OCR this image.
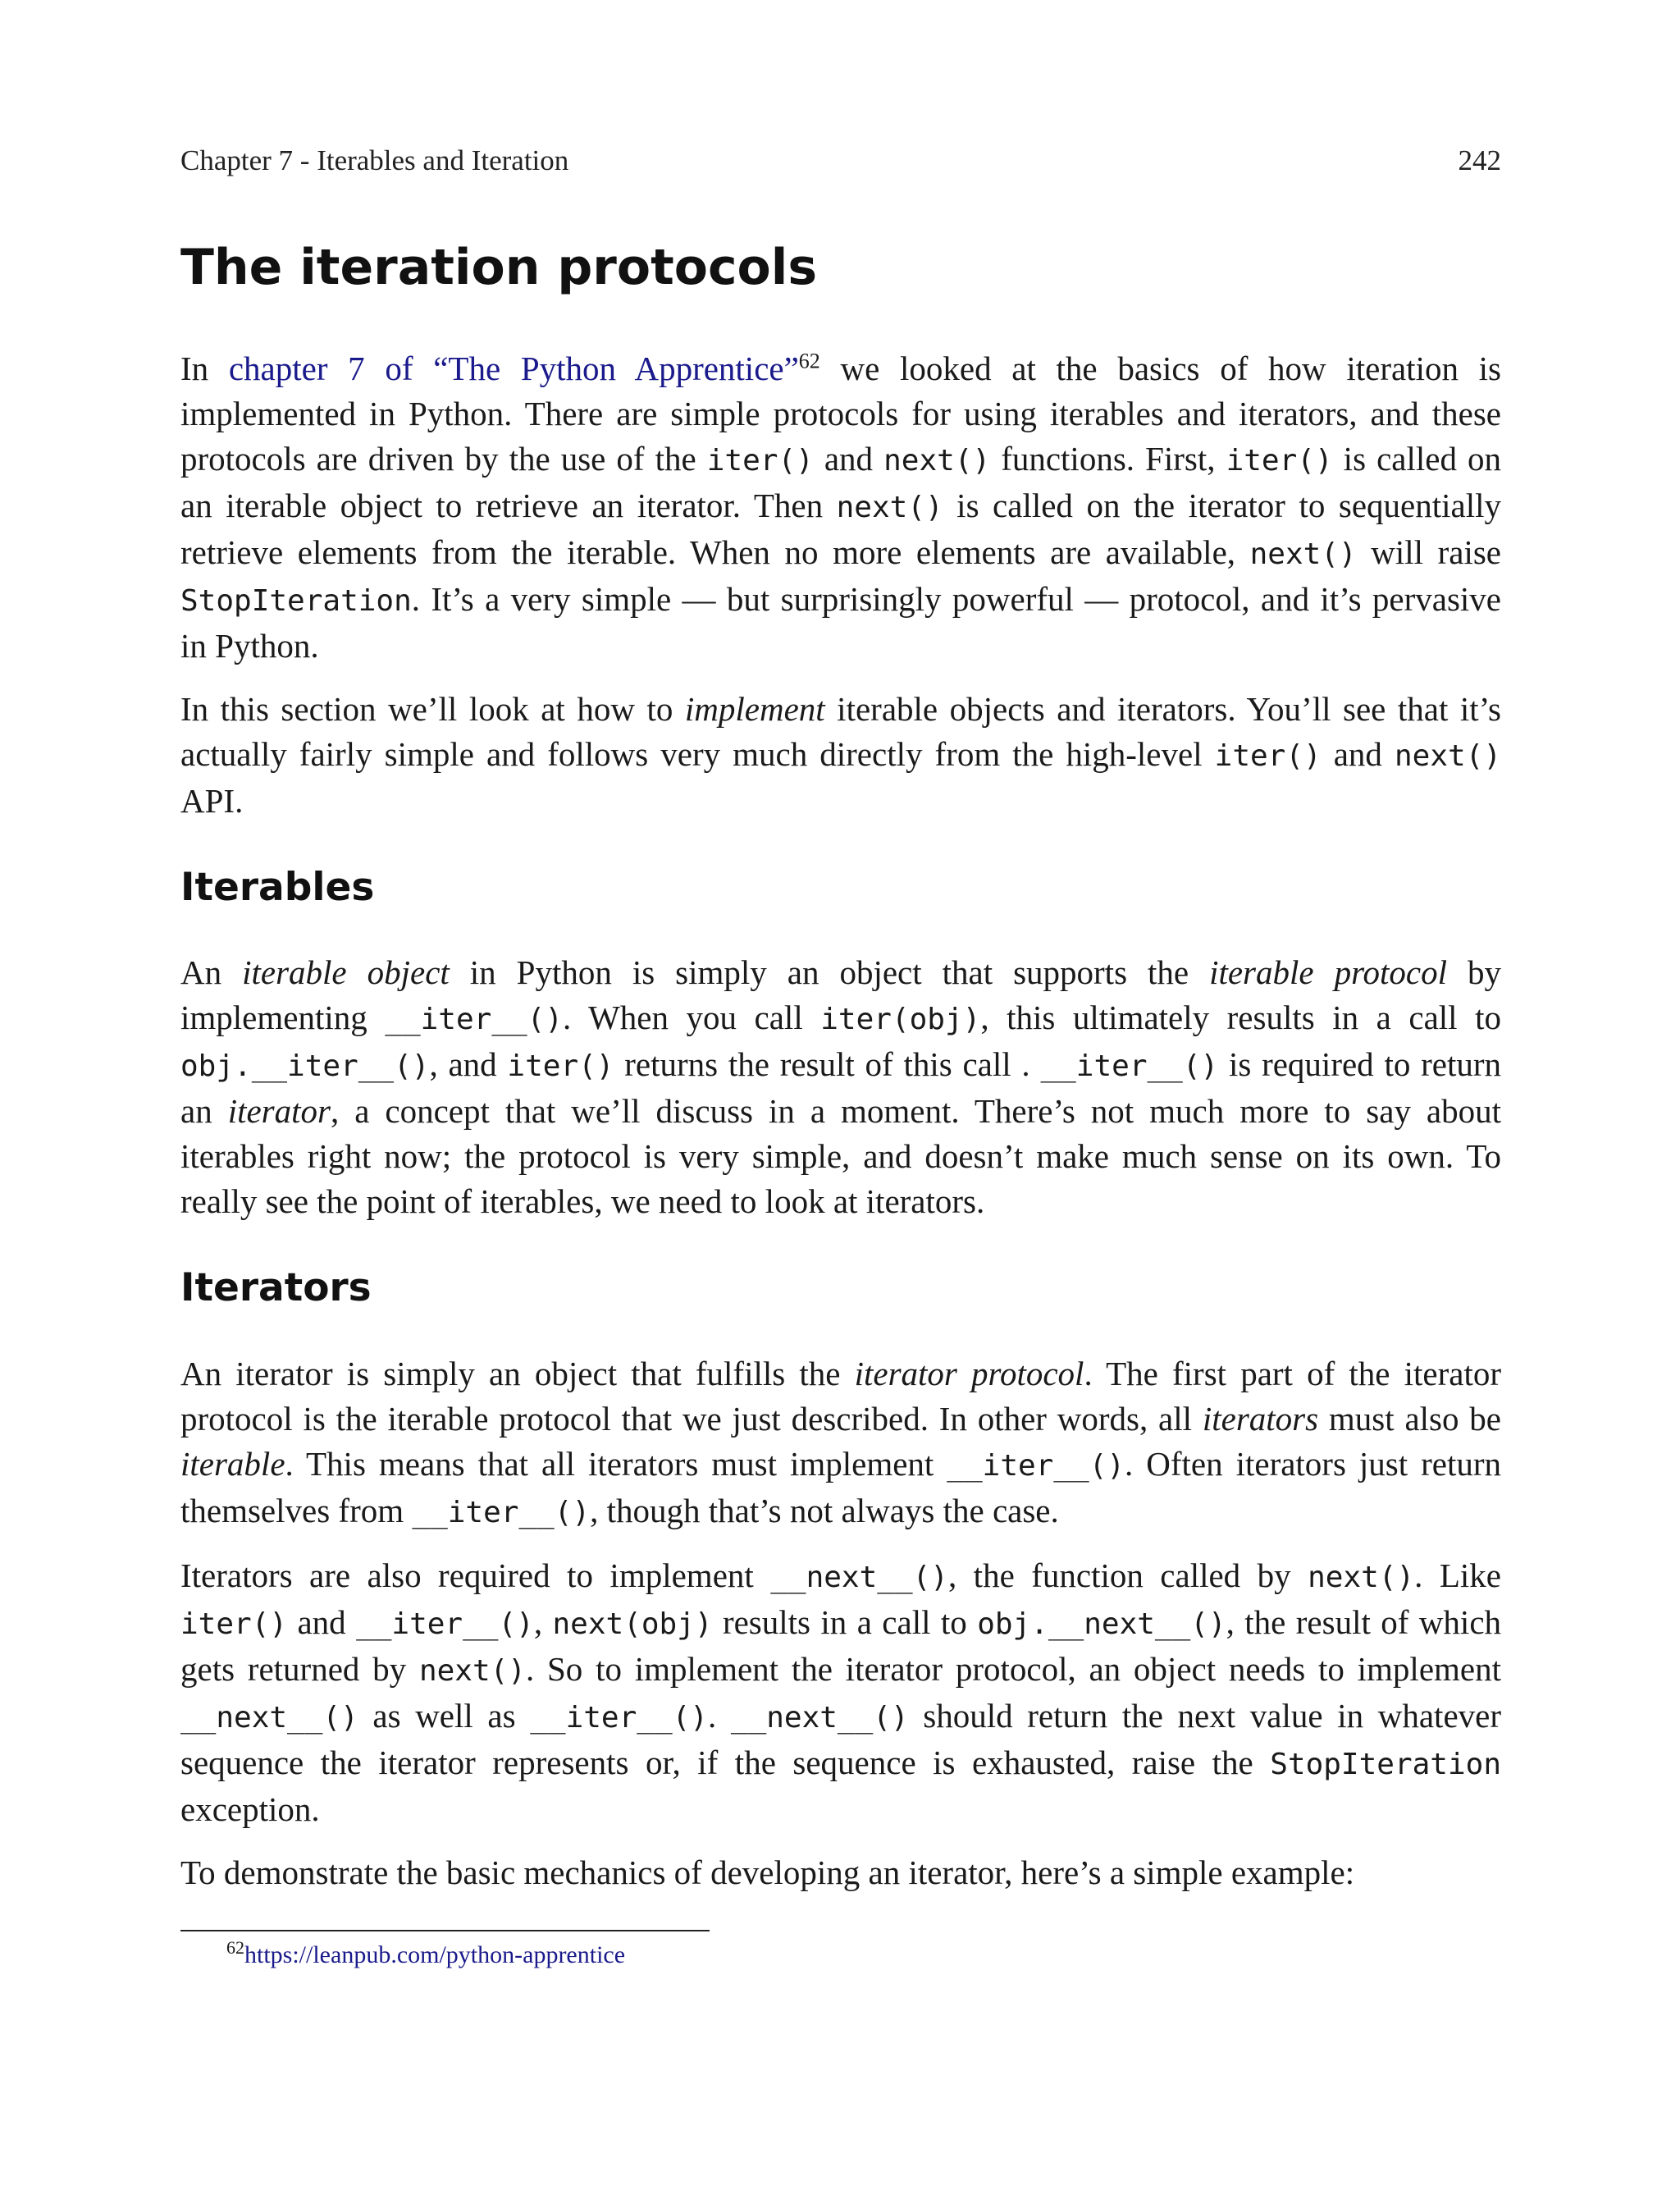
Chapter 7 - Iterables and Iteration	242
The iteration protocols

In chapter 7 of “The Python Apprentice”$^{62}$ we looked at the basics of how iteration is implemented in Python. There are simple protocols for using iterables and iterators, and these protocols are driven by the use of the iter() and next() functions. First, iter() is called on an iterable object to retrieve an iterator. Then next() is called on the iterator to sequentially retrieve elements from the iterable. When no more elements are available, next() will raise StopIteration. It’s a very simple — but surprisingly powerful — protocol, and it’s pervasive in Python.

In this section we’ll look at how to implement iterable objects and iterators. You’ll see that it’s actually fairly simple and follows very much directly from the high-level iter() and next() API.

Iterables

An iterable object in Python is simply an object that supports the iterable protocol by implementing __iter__(). When you call iter(obj), this ultimately results in a call to obj.__iter__(), and iter() returns the result of this call . __iter__() is required to return an iterator, a concept that we’ll discuss in a moment. There’s not much more to say about iterables right now; the protocol is very simple, and doesn’t make much sense on its own. To really see the point of iterables, we need to look at iterators.

Iterators

An iterator is simply an object that fulfills the iterator protocol. The first part of the iterator protocol is the iterable protocol that we just described. In other words, all iterators must also be iterable. This means that all iterators must implement __iter__(). Often iterators just return themselves from __iter__(), though that’s not always the case.

Iterators are also required to implement __next__(), the function called by next(). Like iter() and __iter__(), next(obj) results in a call to obj.__next__(), the result of which gets returned by next(). So to implement the iterator protocol, an object needs to implement __next__() as well as __iter__(). __next__() should return the next value in whatever sequence the iterator represents or, if the sequence is exhausted, raise the StopIteration exception.

To demonstrate the basic mechanics of developing an iterator, here’s a simple example:

$^{62}$https://leanpub.com/python-apprentice
